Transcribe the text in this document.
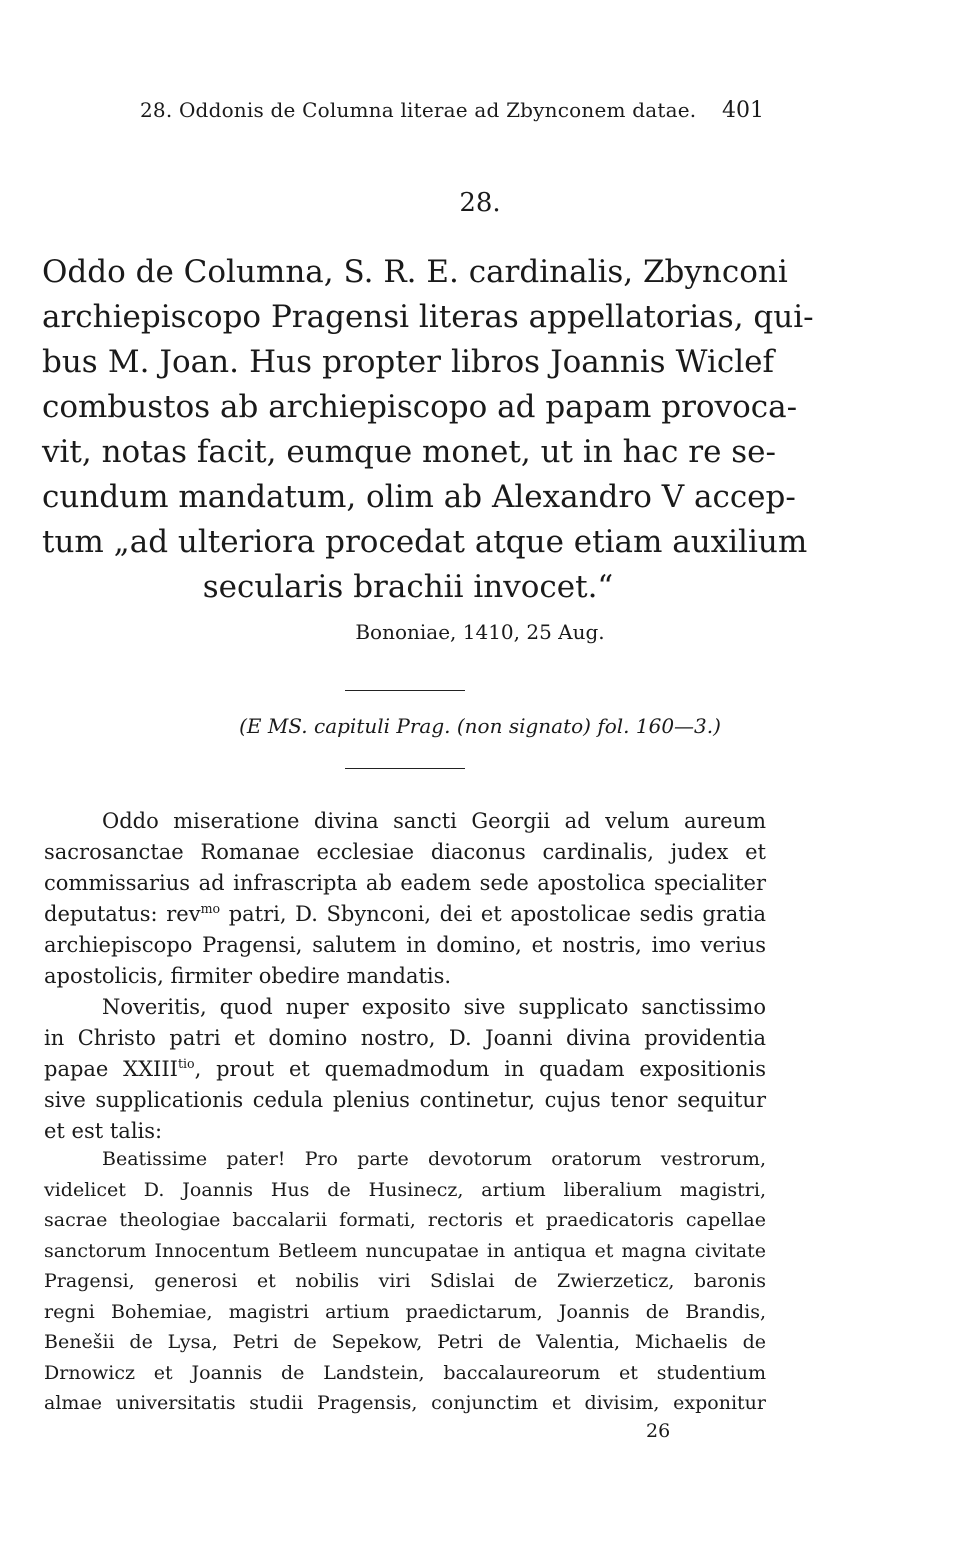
28. Oddonis de Columna literae ad Zbynconem datae. 401
28.
Oddo de Columna, S. R. E. cardinalis, Zbynconi
archiepiscopo Pragensi literas appellatorias, qui-
bus M. Joan. Hus propter libros Joannis Wiclef
combustos ab archiepiscopo ad papam provoca-
vit, notas facit, eumque monet, ut in hac re se-
cundum mandatum, olim ab Alexandro V accep-
tum „ad ulteriora procedat atque etiam auxilium
secularis brachii invocet.“
Bononiae, 1410, 25 Aug.
(E MS. capituli Prag. (non signato) fol. 160—3.)
Oddo miseratione divina sancti Georgii ad velum aureum
sacrosanctae Romanae ecclesiae diaconus cardinalis, judex et
commissarius ad infrascripta ab eadem sede apostolica specialiter
deputatus: rev$^{mo}$ patri, D. Sbynconi, dei et apostolicae sedis gratia
archiepiscopo Pragensi, salutem in domino, et nostris, imo verius
apostolicis, firmiter obedire mandatis.
Noveritis, quod nuper exposito sive supplicato sanctissimo
in Christo patri et domino nostro, D. Joanni divina providentia
papae $XXIII^{tio}$, prout et quemadmodum in quadam expositionis
sive supplicationis cedula plenius continetur, cujus tenor sequitur
et est talis:
Beatissime pater! Pro parte devotorum oratorum vestrorum,
videlicet D. Joannis Hus de Husinecz, artium liberalium magistri,
sacrae theologiae baccalarii formati, rectoris et praedicatoris capellae
sanctorum Innocentum Betleem nuncupatae in antiqua et magna civitate
Pragensi, generosi et nobilis viri Sdislai de Zwierzeticz, baronis
regni Bohemiae, magistri artium praedictarum, Joannis de Brandis,
Benešii de Lysa, Petri de Sepekow, Petri de Valentia, Michaelis de
Drnowicz et Joannis de Landstein, baccalaureorum et studentium
almae universitatis studii Pragensis, conjunctim et divisim, exponitur
26
